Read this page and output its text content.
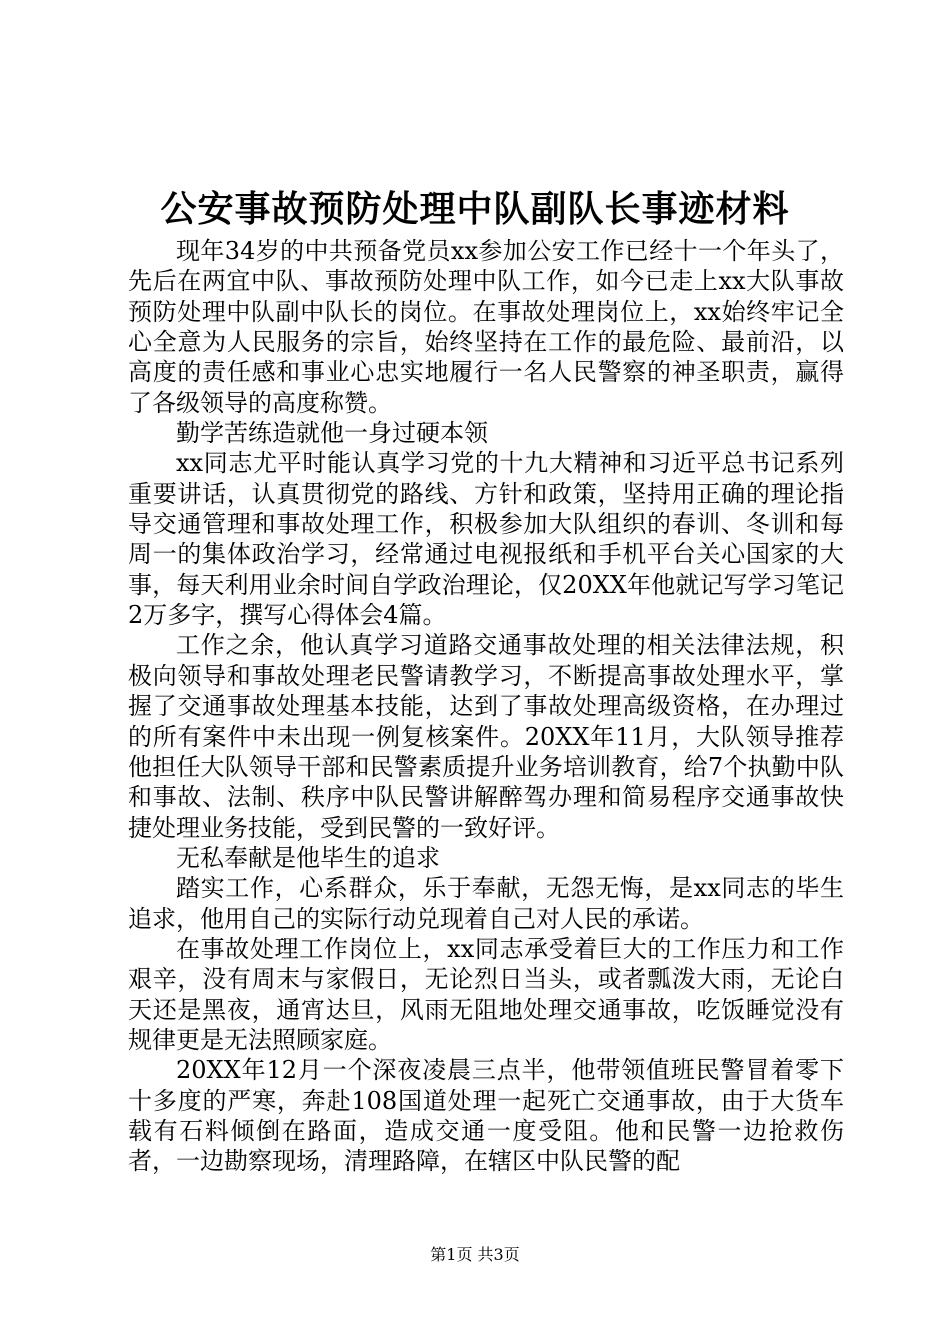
公安事故预防处理中队副队长事迹材料

现年34岁的中共预备党员xx参加公安工作已经十一个年头了，先后在两宜中队、事故预防处理中队工作，如今已走上xx大队事故预防处理中队副中队长的岗位。在事故处理岗位上，xx始终牢记全心全意为人民服务的宗旨，始终坚持在工作的最危险、最前沿，以高度的责任感和事业心忠实地履行一名人民警察的神圣职责，赢得了各级领导的高度称赞。

勤学苦练造就他一身过硬本领

xx同志尤平时能认真学习党的十九大精神和习近平总书记系列重要讲话，认真贯彻党的路线、方针和政策，坚持用正确的理论指导交通管理和事故处理工作，积极参加大队组织的春训、冬训和每周一的集体政治学习，经常通过电视报纸和手机平台关心国家的大事，每天利用业余时间自学政治理论，仅20XX年他就记写学习笔记2万多字，撰写心得体会4篇。

工作之余，他认真学习道路交通事故处理的相关法律法规，积极向领导和事故处理老民警请教学习，不断提高事故处理水平，掌握了交通事故处理基本技能，达到了事故处理高级资格，在办理过的所有案件中未出现一例复核案件。20XX年11月，大队领导推荐他担任大队领导干部和民警素质提升业务培训教育，给7个执勤中队和事故、法制、秩序中队民警讲解醉驾办理和简易程序交通事故快捷处理业务技能，受到民警的一致好评。

无私奉献是他毕生的追求

踏实工作，心系群众，乐于奉献，无怨无悔，是xx同志的毕生追求，他用自己的实际行动兑现着自己对人民的承诺。

在事故处理工作岗位上，xx同志承受着巨大的工作压力和工作艰辛，没有周末与家假日，无论烈日当头，或者瓢泼大雨，无论白天还是黑夜，通宵达旦，风雨无阻地处理交通事故，吃饭睡觉没有规律更是无法照顾家庭。

20XX年12月一个深夜凌晨三点半，他带领值班民警冒着零下十多度的严寒，奔赴108国道处理一起死亡交通事故，由于大货车载有石料倾倒在路面，造成交通一度受阻。他和民警一边抢救伤者，一边勘察现场，清理路障，在辖区中队民警的配

第1页 共3页
